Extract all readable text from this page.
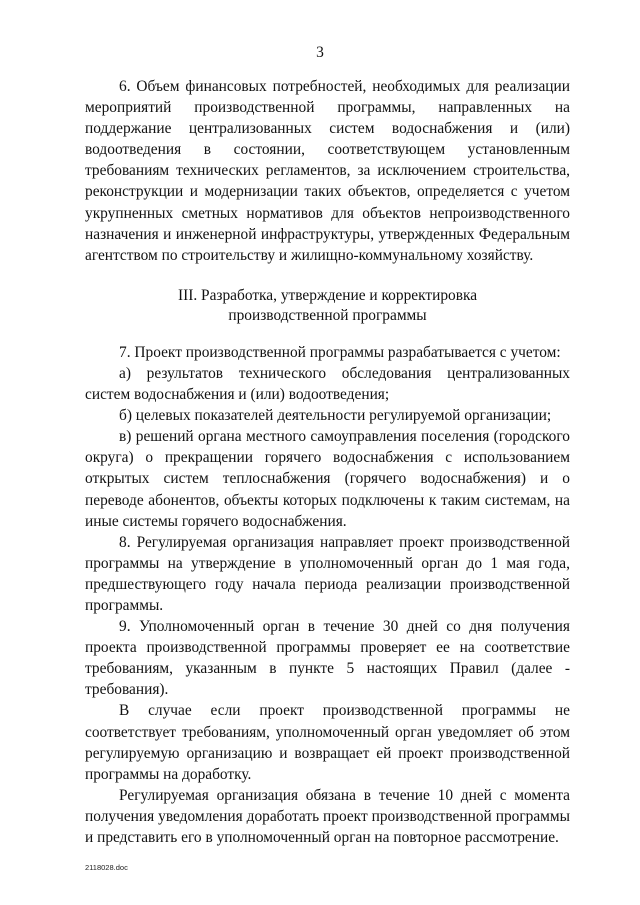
3

6. Объем финансовых потребностей, необходимых для реализации мероприятий производственной программы, направленных на поддержание централизованных систем водоснабжения и (или) водоотведения в состоянии, соответствующем установленным требованиям технических регламентов, за исключением строительства, реконструкции и модернизации таких объектов, определяется с учетом укрупненных сметных нормативов для объектов непроизводственного назначения и инженерной инфраструктуры, утвержденных Федеральным агентством по строительству и жилищно-коммунальному хозяйству.

III. Разработка, утверждение и корректировка
производственной программы

7. Проект производственной программы разрабатывается с учетом:

а) результатов технического обследования централизованных систем водоснабжения и (или) водоотведения;

б) целевых показателей деятельности регулируемой организации;

в) решений органа местного самоуправления поселения (городского округа) о прекращении горячего водоснабжения с использованием открытых систем теплоснабжения (горячего водоснабжения) и о переводе абонентов, объекты которых подключены к таким системам, на иные системы горячего водоснабжения.

8. Регулируемая организация направляет проект производственной программы на утверждение в уполномоченный орган до 1 мая года, предшествующего году начала периода реализации производственной программы.

9. Уполномоченный орган в течение 30 дней со дня получения проекта производственной программы проверяет ее на соответствие требованиям, указанным в пункте 5 настоящих Правил (далее - требования).

В случае если проект производственной программы не соответствует требованиям, уполномоченный орган уведомляет об этом регулируемую организацию и возвращает ей проект производственной программы на доработку.

Регулируемая организация обязана в течение 10 дней с момента получения уведомления доработать проект производственной программы и представить его в уполномоченный орган на повторное рассмотрение.

2118028.doc
